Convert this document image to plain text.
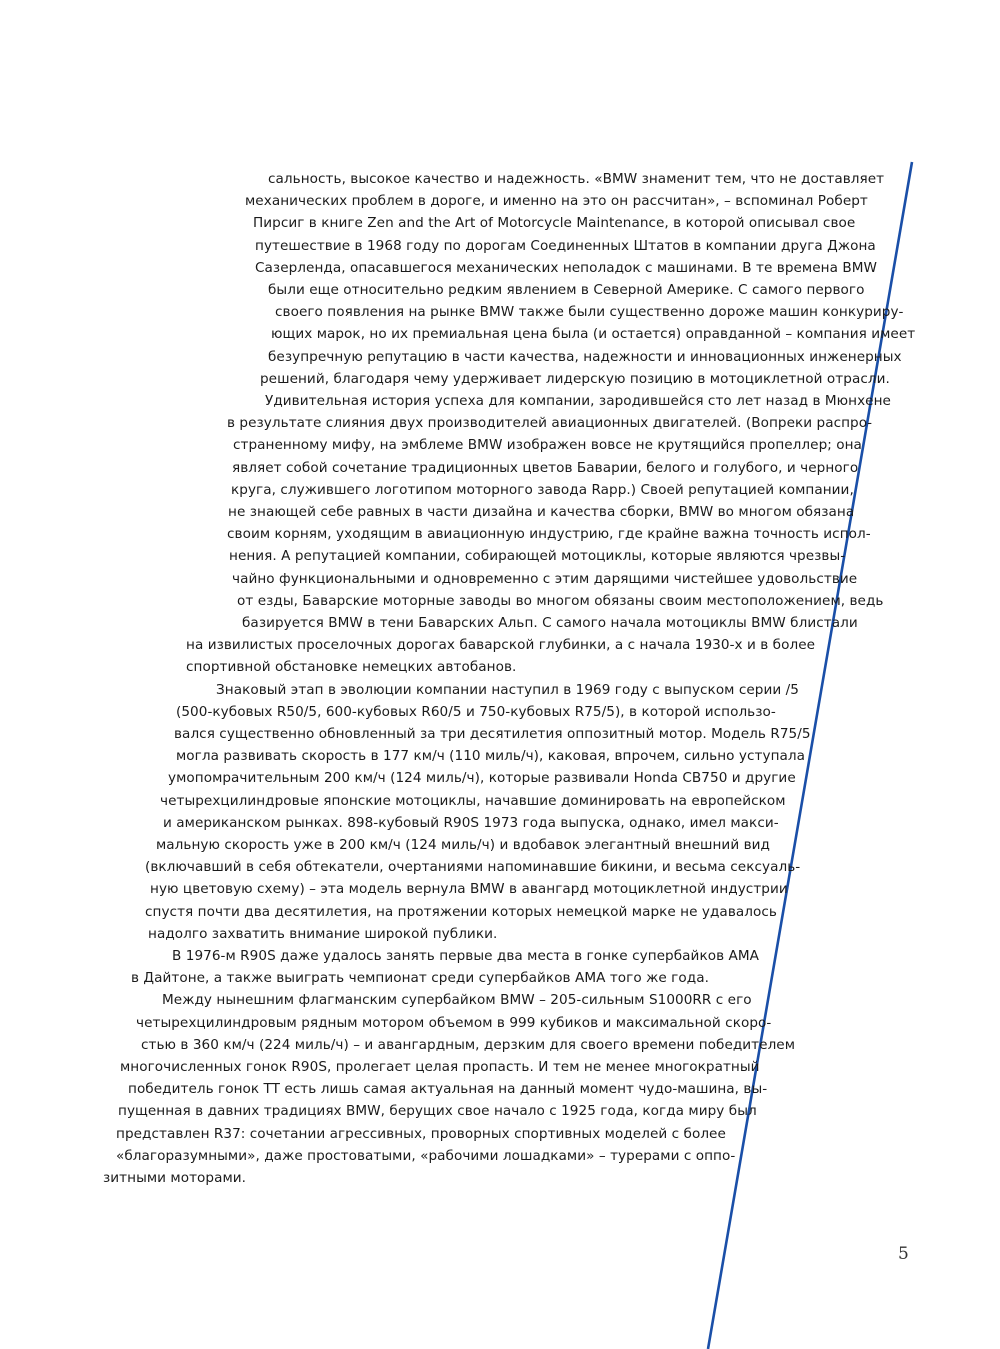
сальность, высокое качество и надежность. «BMW знаменит тем, что не доставляет
механических проблем в дороге, и именно на это он рассчитан», – вспоминал Роберт
Пирсиг в книге Zen and the Art of Motorcycle Maintenance, в которой описывал свое
путешествие в 1968 году по дорогам Соединенных Штатов в компании друга Джона
Сазерленда, опасавшегося механических неполадок с машинами. В те времена BMW
были еще относительно редким явлением в Северной Америке. С самого первого
своего появления на рынке BMW также были существенно дороже машин конкуриру-
ющих марок, но их премиальная цена была (и остается) оправданной – компания имеет
безупречную репутацию в части качества, надежности и инновационных инженерных
решений, благодаря чему удерживает лидерскую позицию в мотоциклетной отрасли.
Удивительная история успеха для компании, зародившейся сто лет назад в Мюнхене
в результате слияния двух производителей авиационных двигателей. (Вопреки распро-
страненному мифу, на эмблеме BMW изображен вовсе не крутящийся пропеллер; она
являет собой сочетание традиционных цветов Баварии, белого и голубого, и черного
круга, служившего логотипом моторного завода Rapp.) Своей репутацией компании,
не знающей себе равных в части дизайна и качества сборки, BMW во многом обязана
своим корням, уходящим в авиационную индустрию, где крайне важна точность испол-
нения. А репутацией компании, собирающей мотоциклы, которые являются чрезвы-
чайно функциональными и одновременно с этим дарящими чистейшее удовольствие
от езды, Баварские моторные заводы во многом обязаны своим местоположением, ведь
базируется BMW в тени Баварских Альп. С самого начала мотоциклы BMW блистали
на извилистых проселочных дорогах баварской глубинки, а с начала 1930-х и в более
спортивной обстановке немецких автобанов.
Знаковый этап в эволюции компании наступил в 1969 году с выпуском серии /5
(500-кубовых R50/5, 600-кубовых R60/5 и 750-кубовых R75/5), в которой использо-
вался существенно обновленный за три десятилетия оппозитный мотор. Модель R75/5
могла развивать скорость в 177 км/ч (110 миль/ч), каковая, впрочем, сильно уступала
умопомрачительным 200 км/ч (124 миль/ч), которые развивали Honda CB750 и другие
четырехцилиндровые японские мотоциклы, начавшие доминировать на европейском
и американском рынках. 898-кубовый R90S 1973 года выпуска, однако, имел макси-
мальную скорость уже в 200 км/ч (124 миль/ч) и вдобавок элегантный внешний вид
(включавший в себя обтекатели, очертаниями напоминавшие бикини, и весьма сексуаль-
ную цветовую схему) – эта модель вернула BMW в авангард мотоциклетной индустрии
спустя почти два десятилетия, на протяжении которых немецкой марке не удавалось
надолго захватить внимание широкой публики.
В 1976-м R90S даже удалось занять первые два места в гонке супербайков AMA
в Дайтоне, а также выиграть чемпионат среди супербайков AMA того же года.
Между нынешним флагманским супербайком BMW – 205-сильным S1000RR с его
четырехцилиндровым рядным мотором объемом в 999 кубиков и максимальной скоро-
стью в 360 км/ч (224 миль/ч) – и авангардным, дерзким для своего времени победителем
многочисленных гонок R90S, пролегает целая пропасть. И тем не менее многократный
победитель гонок TT есть лишь самая актуальная на данный момент чудо-машина, вы-
пущенная в давних традициях BMW, берущих свое начало с 1925 года, когда миру был
представлен R37: сочетании агрессивных, проворных спортивных моделей с более
«благоразумными», даже простоватыми, «рабочими лошадками» – турерами с оппо-
зитными моторами.
5
